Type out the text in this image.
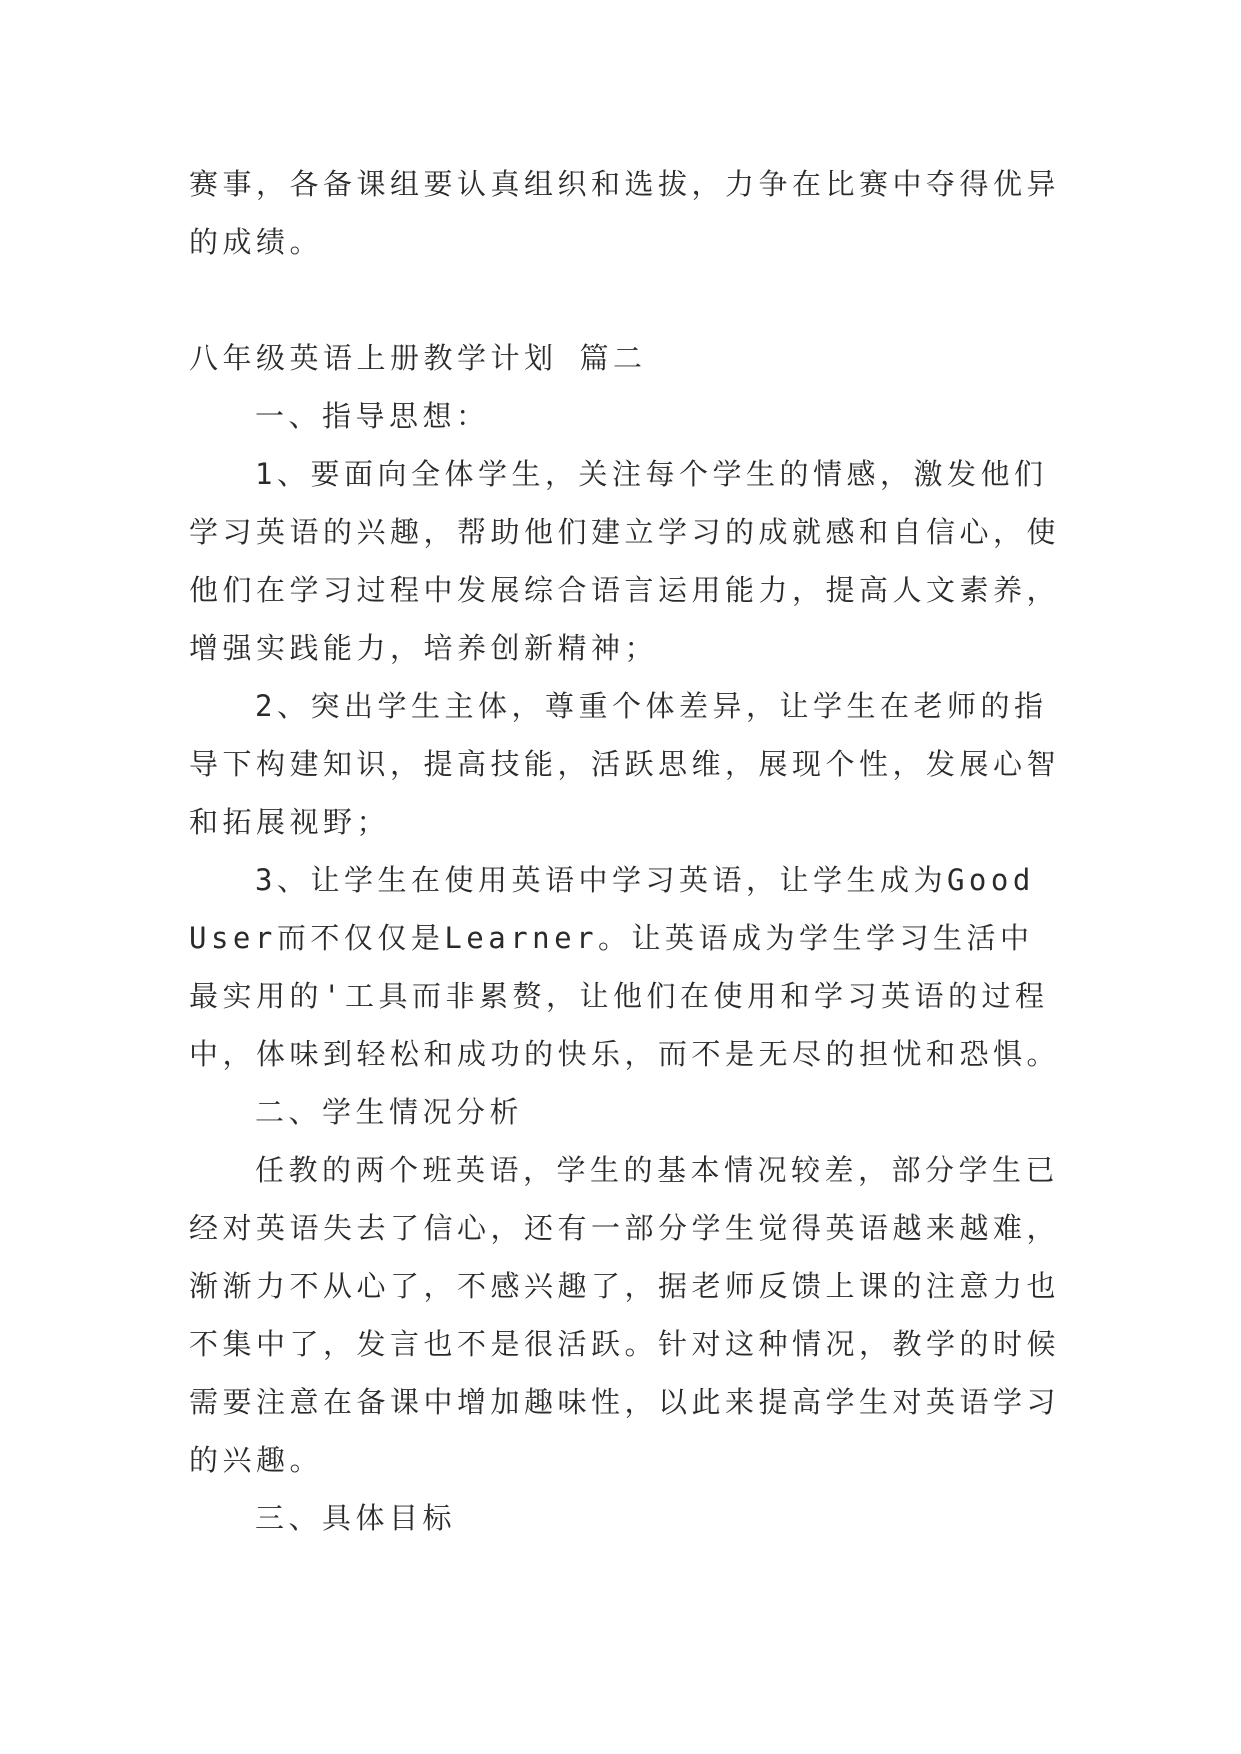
赛事，各备课组要认真组织和选拔，力争在比赛中夺得优异的成绩。

八年级英语上册教学计划 篇二

一、指导思想：

1、要面向全体学生，关注每个学生的情感，激发他们学习英语的兴趣，帮助他们建立学习的成就感和自信心，使他们在学习过程中发展综合语言运用能力，提高人文素养，增强实践能力，培养创新精神；

2、突出学生主体，尊重个体差异，让学生在老师的指导下构建知识，提高技能，活跃思维，展现个性，发展心智和拓展视野；

3、让学生在使用英语中学习英语，让学生成为Good User而不仅仅是Learner。让英语成为学生学习生活中最实用的'工具而非累赘，让他们在使用和学习英语的过程中，体味到轻松和成功的快乐，而不是无尽的担忧和恐惧。

二、学生情况分析

任教的两个班英语，学生的基本情况较差，部分学生已经对英语失去了信心，还有一部分学生觉得英语越来越难，渐渐力不从心了，不感兴趣了，据老师反馈上课的注意力也不集中了，发言也不是很活跃。针对这种情况，教学的时候需要注意在备课中增加趣味性，以此来提高学生对英语学习的兴趣。

三、具体目标
